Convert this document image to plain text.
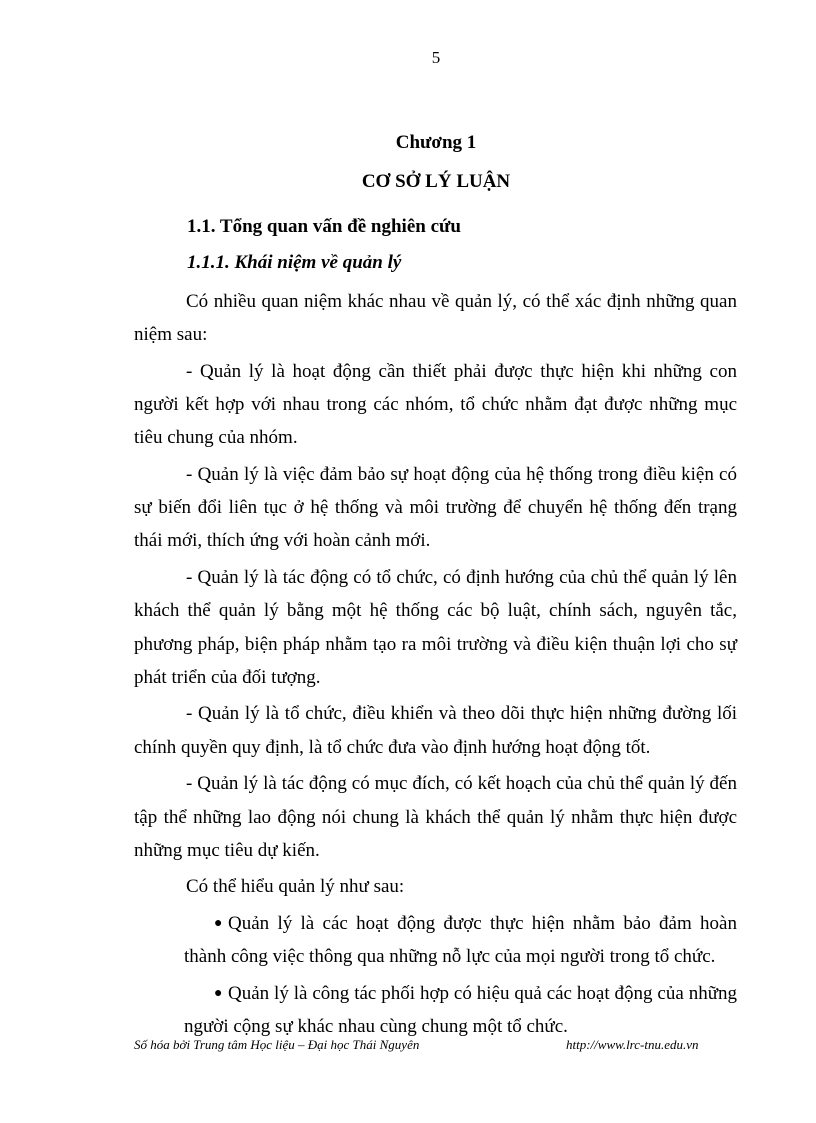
5
Chương 1
CƠ SỞ LÝ LUẬN
1.1. Tổng quan vấn đề nghiên cứu
1.1.1. Khái niệm về quản lý

Có nhiều quan niệm khác nhau về quản lý, có thể xác định những quan niệm sau:

- Quản lý là hoạt động cần thiết phải được thực hiện khi những con người kết hợp với nhau trong các nhóm, tổ chức nhằm đạt được những mục tiêu chung của nhóm.

- Quản lý là việc đảm bảo sự hoạt động của hệ thống trong điều kiện có sự biến đổi liên tục ở hệ thống và môi trường để chuyển hệ thống đến trạng thái mới, thích ứng với hoàn cảnh mới.

- Quản lý là tác động có tổ chức, có định hướng của chủ thể quản lý lên khách thể quản lý bằng một hệ thống các bộ luật, chính sách, nguyên tắc, phương pháp, biện pháp nhằm tạo ra môi trường và điều kiện thuận lợi cho sự phát triển của đối tượng.

- Quản lý là tổ chức, điều khiển và theo dõi thực hiện những đường lối chính quyền quy định, là tổ chức đưa vào định hướng hoạt động tốt.

- Quản lý là tác động có mục đích, có kết hoạch của chủ thể quản lý đến tập thể những lao động nói chung là khách thể quản lý nhằm thực hiện được những mục tiêu dự kiến.

Có thể hiểu quản lý như sau:

● Quản lý là các hoạt động được thực hiện nhằm bảo đảm hoàn thành công việc thông qua những nỗ lực của mọi người trong tổ chức.

● Quản lý là công tác phối hợp có hiệu quả các hoạt động của những người cộng sự khác nhau cùng chung một tổ chức.

Số hóa bởi Trung tâm Học liệu – Đại học Thái Nguyên	http://www.lrc-tnu.edu.vn
